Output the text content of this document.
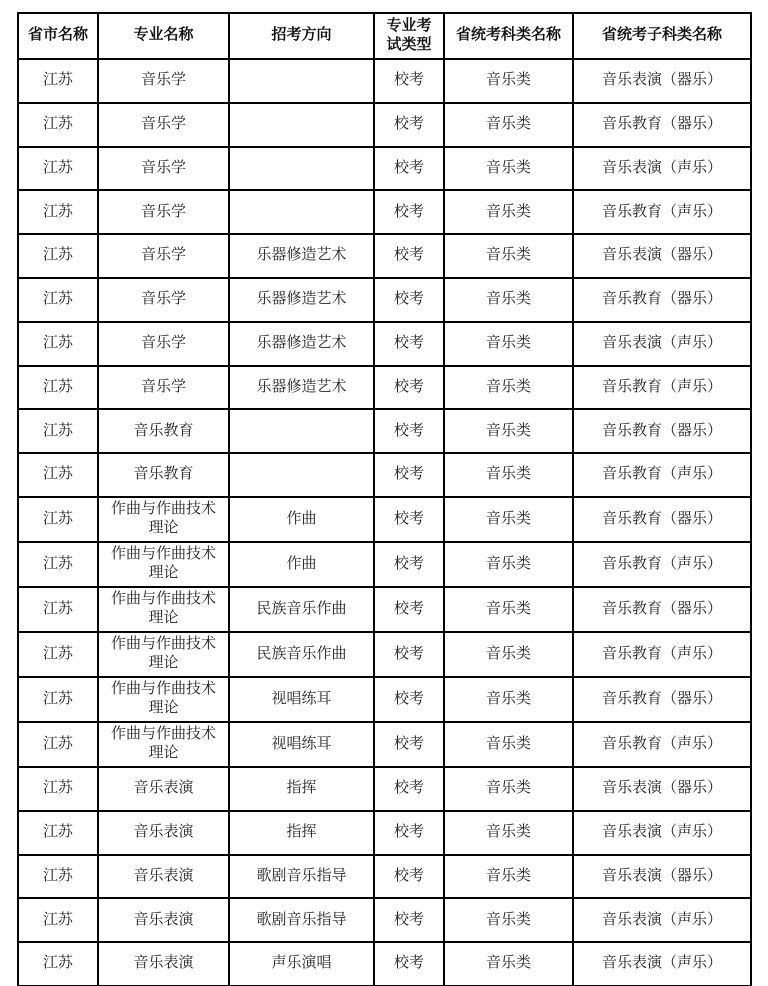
省市名称	专业名称	招考方向	专业考试类型	省统考科类名称	省统考子科类名称
江苏	音乐学		校考	音乐类	音乐表演（器乐）
江苏	音乐学		校考	音乐类	音乐教育（器乐）
江苏	音乐学		校考	音乐类	音乐表演（声乐）
江苏	音乐学		校考	音乐类	音乐教育（声乐）
江苏	音乐学	乐器修造艺术	校考	音乐类	音乐表演（器乐）
江苏	音乐学	乐器修造艺术	校考	音乐类	音乐教育（器乐）
江苏	音乐学	乐器修造艺术	校考	音乐类	音乐表演（声乐）
江苏	音乐学	乐器修造艺术	校考	音乐类	音乐教育（声乐）
江苏	音乐教育		校考	音乐类	音乐教育（器乐）
江苏	音乐教育		校考	音乐类	音乐教育（声乐）
江苏	作曲与作曲技术理论	作曲	校考	音乐类	音乐教育（器乐）
江苏	作曲与作曲技术理论	作曲	校考	音乐类	音乐教育（声乐）
江苏	作曲与作曲技术理论	民族音乐作曲	校考	音乐类	音乐教育（器乐）
江苏	作曲与作曲技术理论	民族音乐作曲	校考	音乐类	音乐教育（声乐）
江苏	作曲与作曲技术理论	视唱练耳	校考	音乐类	音乐教育（器乐）
江苏	作曲与作曲技术理论	视唱练耳	校考	音乐类	音乐教育（声乐）
江苏	音乐表演	指挥	校考	音乐类	音乐表演（器乐）
江苏	音乐表演	指挥	校考	音乐类	音乐表演（声乐）
江苏	音乐表演	歌剧音乐指导	校考	音乐类	音乐表演（器乐）
江苏	音乐表演	歌剧音乐指导	校考	音乐类	音乐表演（声乐）
江苏	音乐表演	声乐演唱	校考	音乐类	音乐表演（声乐）
